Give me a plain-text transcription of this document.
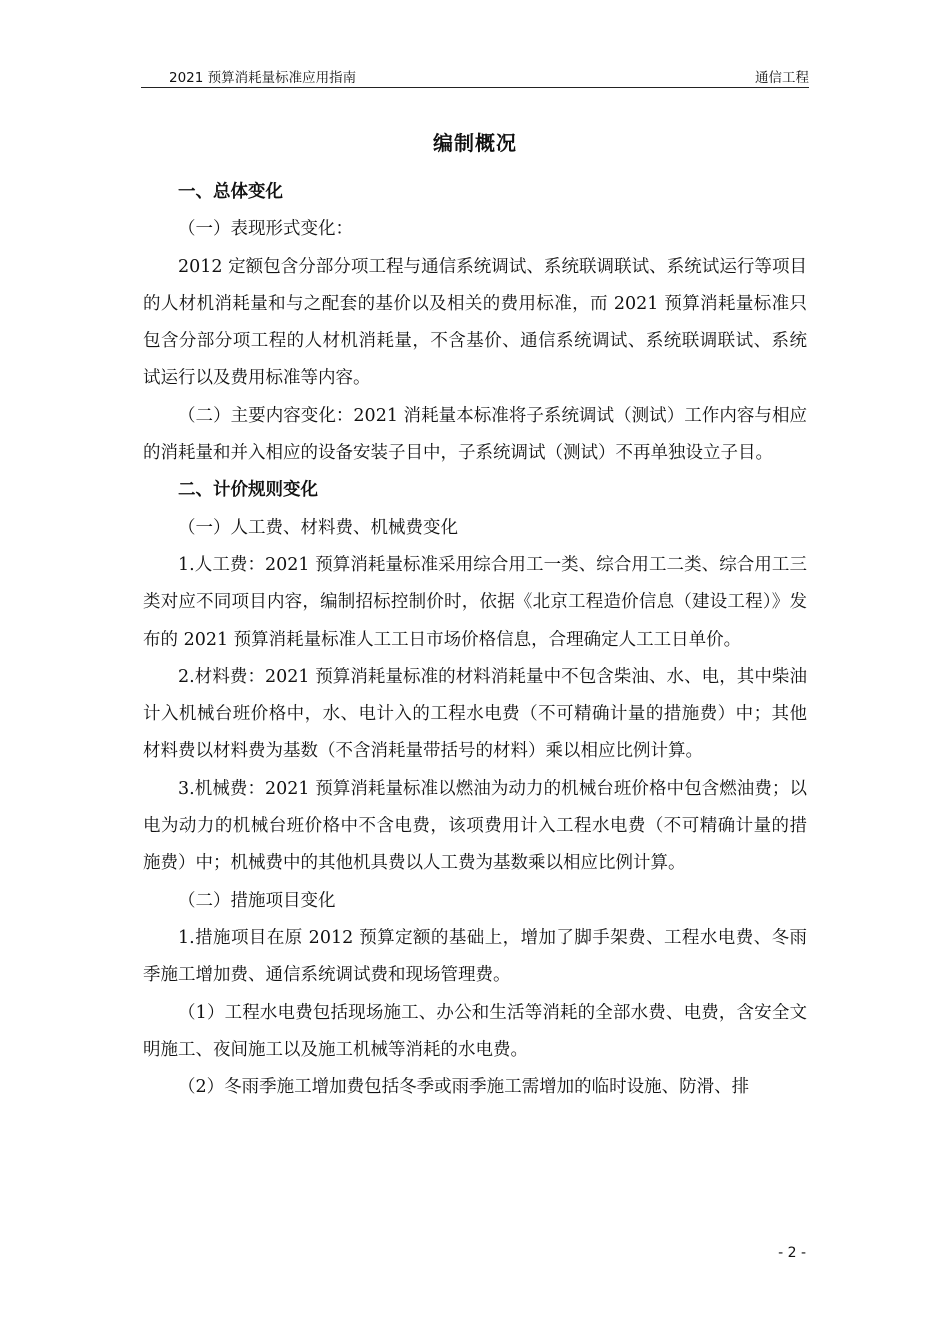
2021 预算消耗量标准应用指南	通信工程
编制概况

一、总体变化

（一）表现形式变化：

2012 定额包含分部分项工程与通信系统调试、系统联调联试、系统试运行等项目的人材机消耗量和与之配套的基价以及相关的费用标准，而 2021 预算消耗量标准只包含分部分项工程的人材机消耗量，不含基价、通信系统调试、系统联调联试、系统试运行以及费用标准等内容。

（二）主要内容变化：2021 消耗量本标准将子系统调试（测试）工作内容与相应的消耗量和并入相应的设备安装子目中，子系统调试（测试）不再单独设立子目。

二、计价规则变化

（一）人工费、材料费、机械费变化

1.人工费：2021 预算消耗量标准采用综合用工一类、综合用工二类、综合用工三类对应不同项目内容，编制招标控制价时，依据《北京工程造价信息（建设工程）》发布的 2021 预算消耗量标准人工工日市场价格信息，合理确定人工工日单价。

2.材料费：2021 预算消耗量标准的材料消耗量中不包含柴油、水、电，其中柴油计入机械台班价格中，水、电计入的工程水电费（不可精确计量的措施费）中；其他材料费以材料费为基数（不含消耗量带括号的材料）乘以相应比例计算。

3.机械费：2021 预算消耗量标准以燃油为动力的机械台班价格中包含燃油费；以电为动力的机械台班价格中不含电费，该项费用计入工程水电费（不可精确计量的措施费）中；机械费中的其他机具费以人工费为基数乘以相应比例计算。

（二）措施项目变化

1.措施项目在原 2012 预算定额的基础上，增加了脚手架费、工程水电费、冬雨季施工增加费、通信系统调试费和现场管理费。

（1）工程水电费包括现场施工、办公和生活等消耗的全部水费、电费，含安全文明施工、夜间施工以及施工机械等消耗的水电费。

（2）冬雨季施工增加费包括冬季或雨季施工需增加的临时设施、防滑、排

- 2 -
